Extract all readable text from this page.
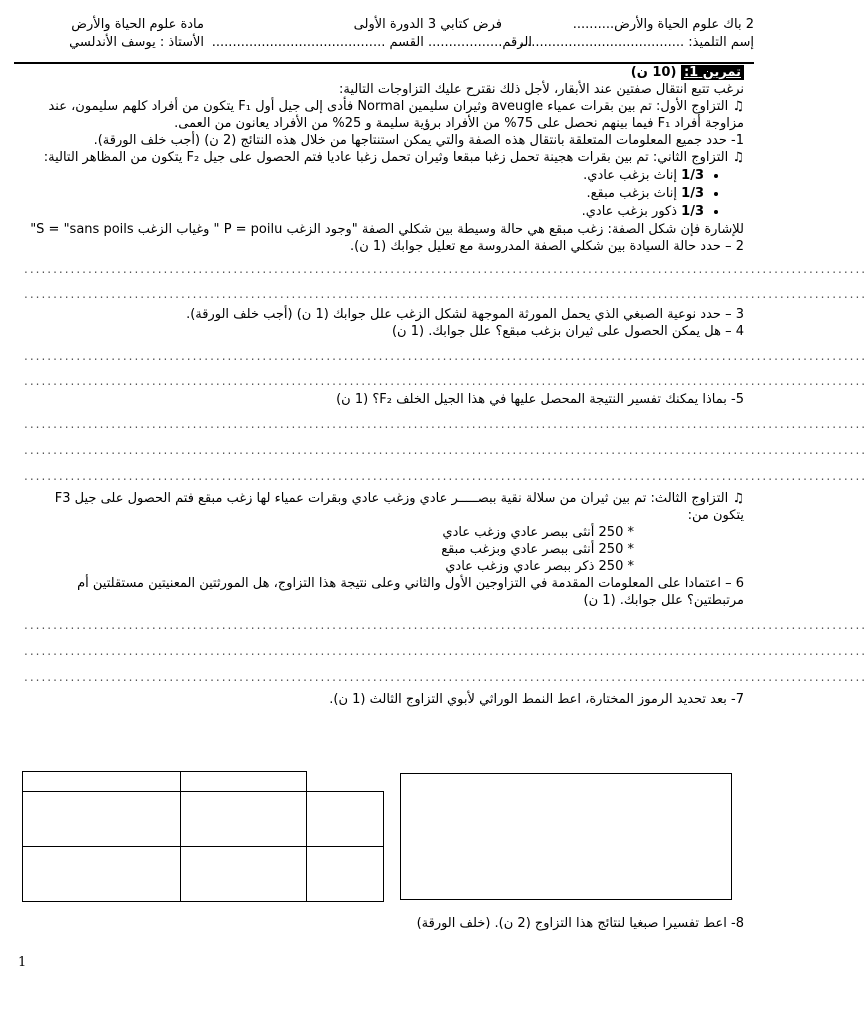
2 باك علوم الحياة والأرض..........
إسم التلميذ: ........................................
فرض كتابي 3 الدورة الأولى
الرقم.................. القسم ..........................................
مادة علوم الحياة والأرض
الأستاذ : يوسف الأندلسي

تمرين 1: (10 ن)

نرغب تتبع انتقال صفتين عند الأبقار، لأجل ذلك نقترح عليك التزاوجات التالية:

♫ التزاوج الأول: تم بين بقرات عمياء aveugle وثيران سليمين Normal فأدى إلى جيل أول F₁ يتكون من أفراد كلهم سليمون، عند مزاوجة أفراد F₁ فيما بينهم نحصل على 75% من الأفراد برؤية سليمة و 25% من الأفراد يعانون من العمى.

1- حدد جميع المعلومات المتعلقة بانتقال هذه الصفة والتي يمكن استنتاجها من خلال هذه النتائج (2 ن) (أجب خلف الورقة).

♫ التزاوج الثاني: تم بين بقرات هجينة تحمل زغبا مبقعا وثيران تحمل زغبا عاديا فتم الحصول على جيل F₂ يتكون من المظاهر التالية:

• 1/3 إناث بزغب عادي.
• 1/3 إناث بزغب مبقع.
• 1/3 ذكور بزغب عادي.

للإشارة فإن شكل الصفة: زغب مبقع هي حالة وسيطة بين شكلي الصفة "وجود الزغب P = poilu " وغياب الزغب S = "sans poils"

2 – حدد حالة السيادة بين شكلي الصفة المدروسة مع تعليل جوابك (1 ن).

.................................................................................................................................................
.................................................................................................................................................

3 – حدد نوعية الصبغي الذي يحمل المورثة الموجهة لشكل الزغب علل جوابك (1 ن) (أجب خلف الورقة).

4 – هل يمكن الحصول على ثيران بزغب مبقع؟ علل جوابك. (1 ن)

.................................................................................................................................................
.................................................................................................................................................

5- بماذا يمكنك تفسير النتيجة المحصل عليها في هذا الجيل الخلف F₂؟ (1 ن)

.................................................................................................................................................
.................................................................................................................................................
.................................................................................................................................................

♫ التزاوج الثالث: تم بين ثيران من سلالة نقية ببصـــــر عادي وزغب عادي وبقرات عمياء لها زغب مبقع فتم الحصول على جيل F3 يتكون من:

* 250 أنثى ببصر عادي وزغب عادي
* 250 أنثى ببصر عادي وبزغب مبقع
* 250 ذكر ببصر عادي وزغب عادي

6 – اعتمادا على المعلومات المقدمة في التزاوجين الأول والثاني وعلى نتيجة هذا التزاوج، هل المورثتين المعنيتين مستقلتين أم مرتبطتين؟ علل جوابك. (1 ن)

.................................................................................................................................................
.................................................................................................................................................
.................................................................................................................................................

7- بعد تحديد الرموز المختارة، اعط النمط الوراثي لأبوي التزاوج الثالث (1 ن).

8- اعط تفسيرا صبغيا لنتائج هذا التزاوج (2 ن). (خلف الورقة)

1
